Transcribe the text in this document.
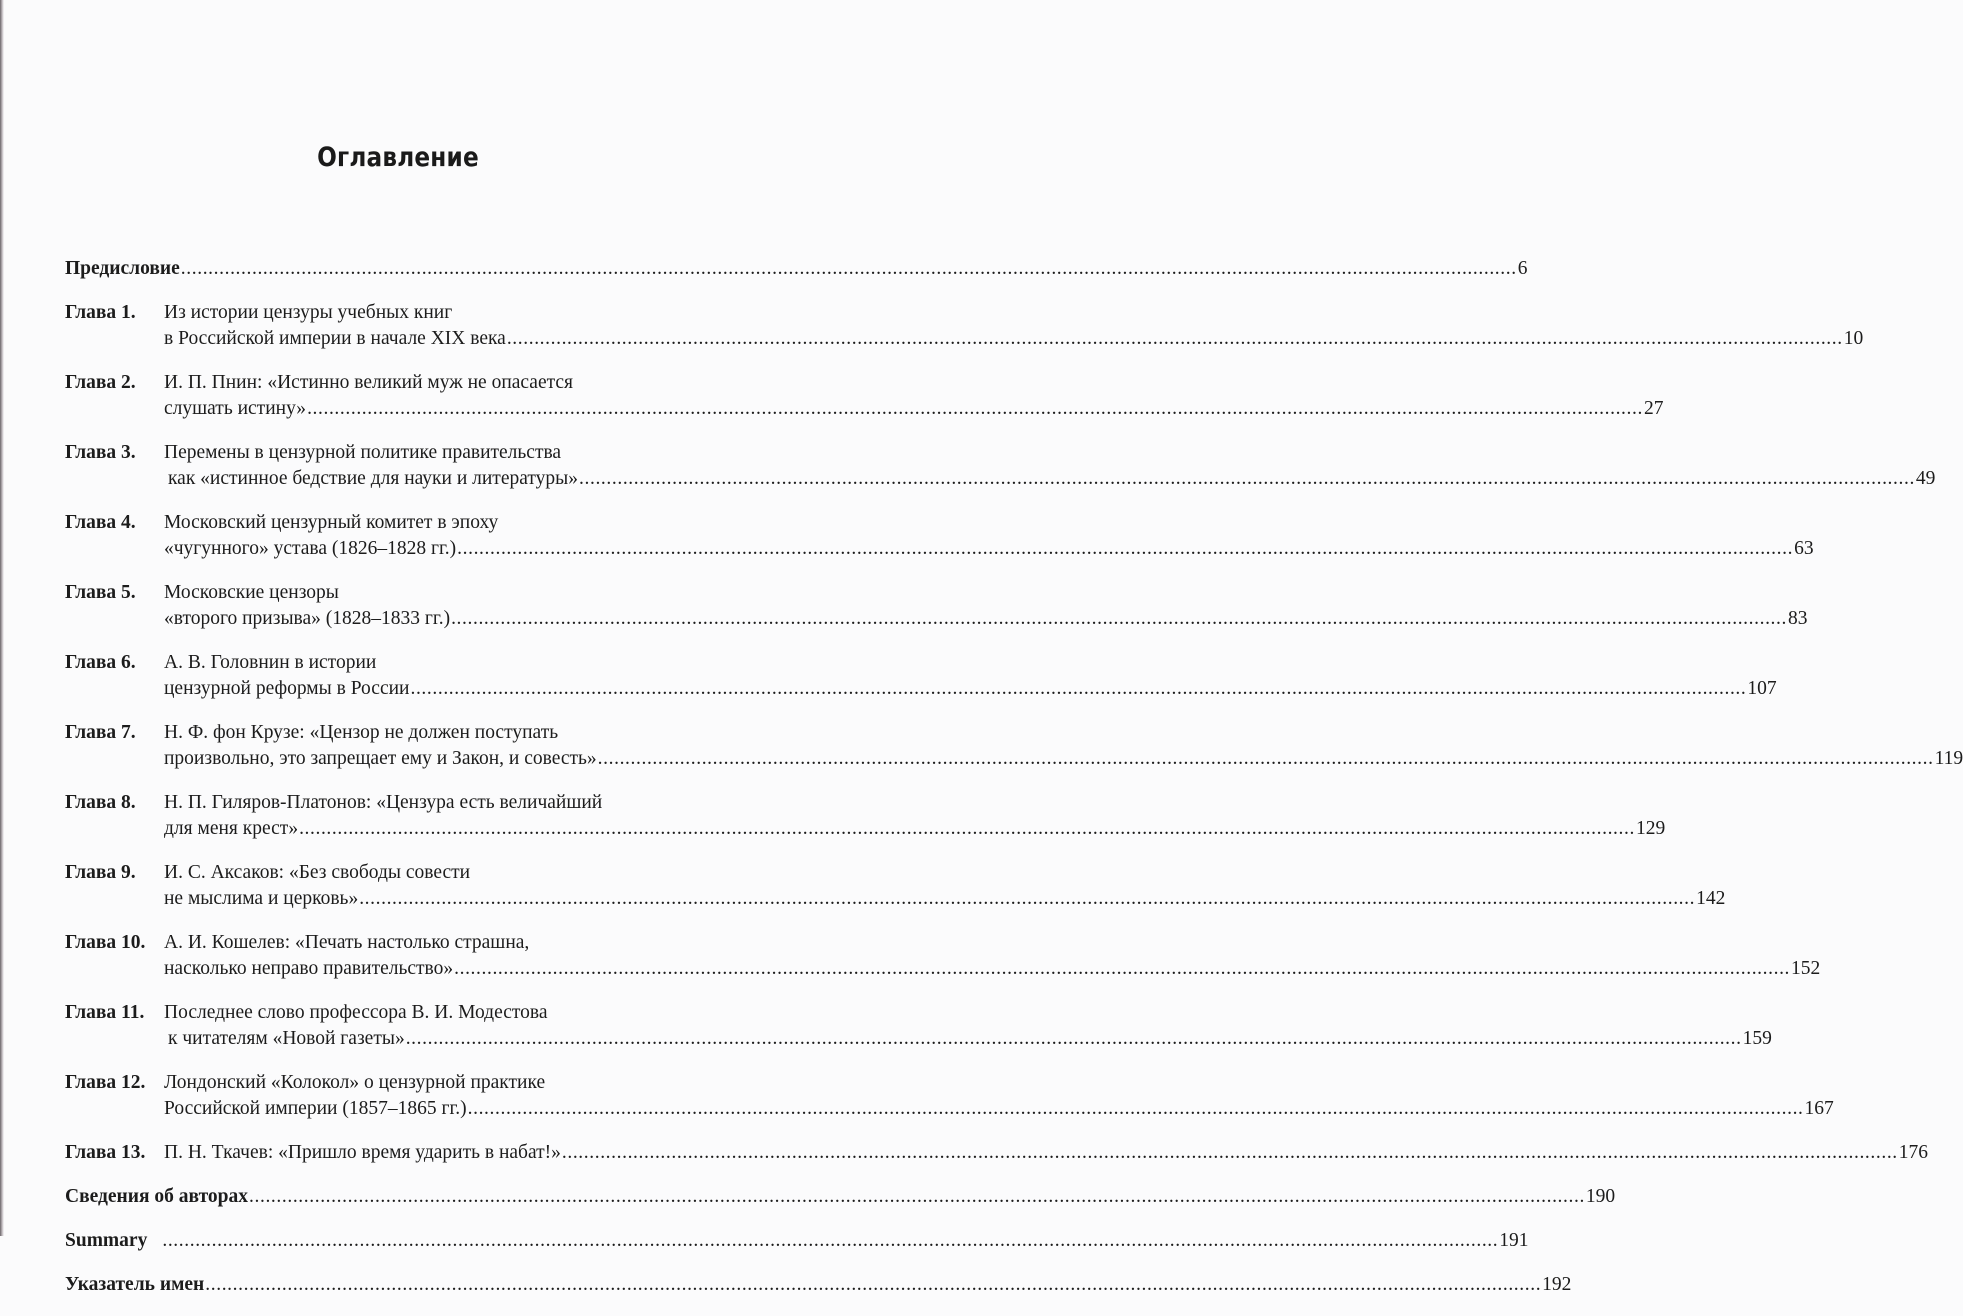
Оглавление
Предисловие .....	6
Глава 1.	Из истории цензуры учебных книг
в Российской империи в начале XIX века .....	10
Глава 2.	И. П. Пнин: «Истинно великий муж не опасается
слушать истину» .....	27
Глава 3.	Перемены в цензурной политике правительства
как «истинное бедствие для науки и литературы» .....	49
Глава 4.	Московский цензурный комитет в эпоху
«чугунного» устава (1826–1828 гг.) .....	63
Глава 5.	Московские цензоры
«второго призыва» (1828–1833 гг.) .....	83
Глава 6.	А. В. Головнин в истории
цензурной реформы в России .....	107
Глава 7.	Н. Ф. фон Крузе: «Цензор не должен поступать
произвольно, это запрещает ему и Закон, и совесть» .....	119
Глава 8.	Н. П. Гиляров-Платонов: «Цензура есть величайший
для меня крест» .....	129
Глава 9.	И. С. Аксаков: «Без свободы совести
не мыслима и церковь» .....	142
Глава 10. А. И. Кошелев: «Печать настолько страшна,
насколько неправо правительство» .....	152
Глава 11.	Последнее слово профессора В. И. Модестова
к читателям «Новой газеты» .....	159
Глава 12. Лондонский «Колокол» о цензурной практике
Российской империи (1857–1865 гг.) .....	167
Глава 13. П. Н. Ткачев: «Пришло время ударить в набат!» .....	176
Сведения об авторах .....	190
Summary .....	191
Указатель имен .....	192
